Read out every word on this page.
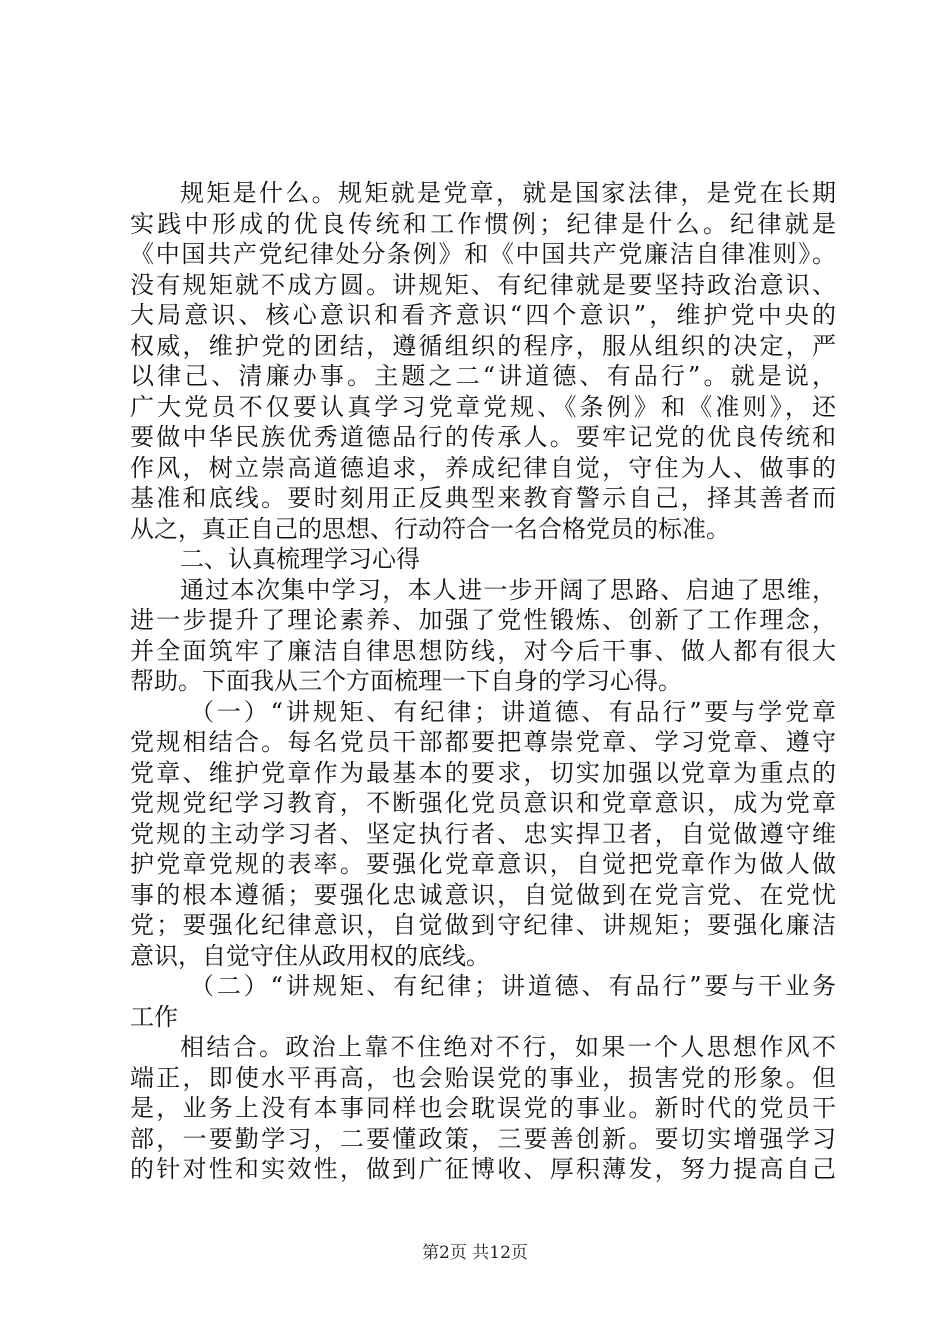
规矩是什么。规矩就是党章，就是国家法律，是党在长期
实践中形成的优良传统和工作惯例；纪律是什么。纪律就是
《中国共产党纪律处分条例》和《中国共产党廉洁自律准则》。
没有规矩就不成方圆。讲规矩、有纪律就是要坚持政治意识、
大局意识、核心意识和看齐意识“四个意识”，维护党中央的
权威，维护党的团结，遵循组织的程序，服从组织的决定，严
以律己、清廉办事。主题之二“讲道德、有品行”。就是说，
广大党员不仅要认真学习党章党规、《条例》和《准则》，还
要做中华民族优秀道德品行的传承人。要牢记党的优良传统和
作风，树立崇高道德追求，养成纪律自觉，守住为人、做事的
基准和底线。要时刻用正反典型来教育警示自己，择其善者而
从之，真正自己的思想、行动符合一名合格党员的标准。
二、认真梳理学习心得
通过本次集中学习，本人进一步开阔了思路、启迪了思维，
进一步提升了理论素养、加强了党性锻炼、创新了工作理念，
并全面筑牢了廉洁自律思想防线，对今后干事、做人都有很大
帮助。下面我从三个方面梳理一下自身的学习心得。
（一）“讲规矩、有纪律；讲道德、有品行”要与学党章
党规相结合。每名党员干部都要把尊崇党章、学习党章、遵守
党章、维护党章作为最基本的要求，切实加强以党章为重点的
党规党纪学习教育，不断强化党员意识和党章意识，成为党章
党规的主动学习者、坚定执行者、忠实捍卫者，自觉做遵守维
护党章党规的表率。要强化党章意识，自觉把党章作为做人做
事的根本遵循；要强化忠诚意识，自觉做到在党言党、在党忧
党；要强化纪律意识，自觉做到守纪律、讲规矩；要强化廉洁
意识，自觉守住从政用权的底线。
（二）“讲规矩、有纪律；讲道德、有品行”要与干业务
工作
相结合。政治上靠不住绝对不行，如果一个人思想作风不
端正，即使水平再高，也会贻误党的事业，损害党的形象。但
是，业务上没有本事同样也会耽误党的事业。新时代的党员干
部，一要勤学习，二要懂政策，三要善创新。要切实增强学习
的针对性和实效性，做到广征博收、厚积薄发，努力提高自己
第2页 共12页
